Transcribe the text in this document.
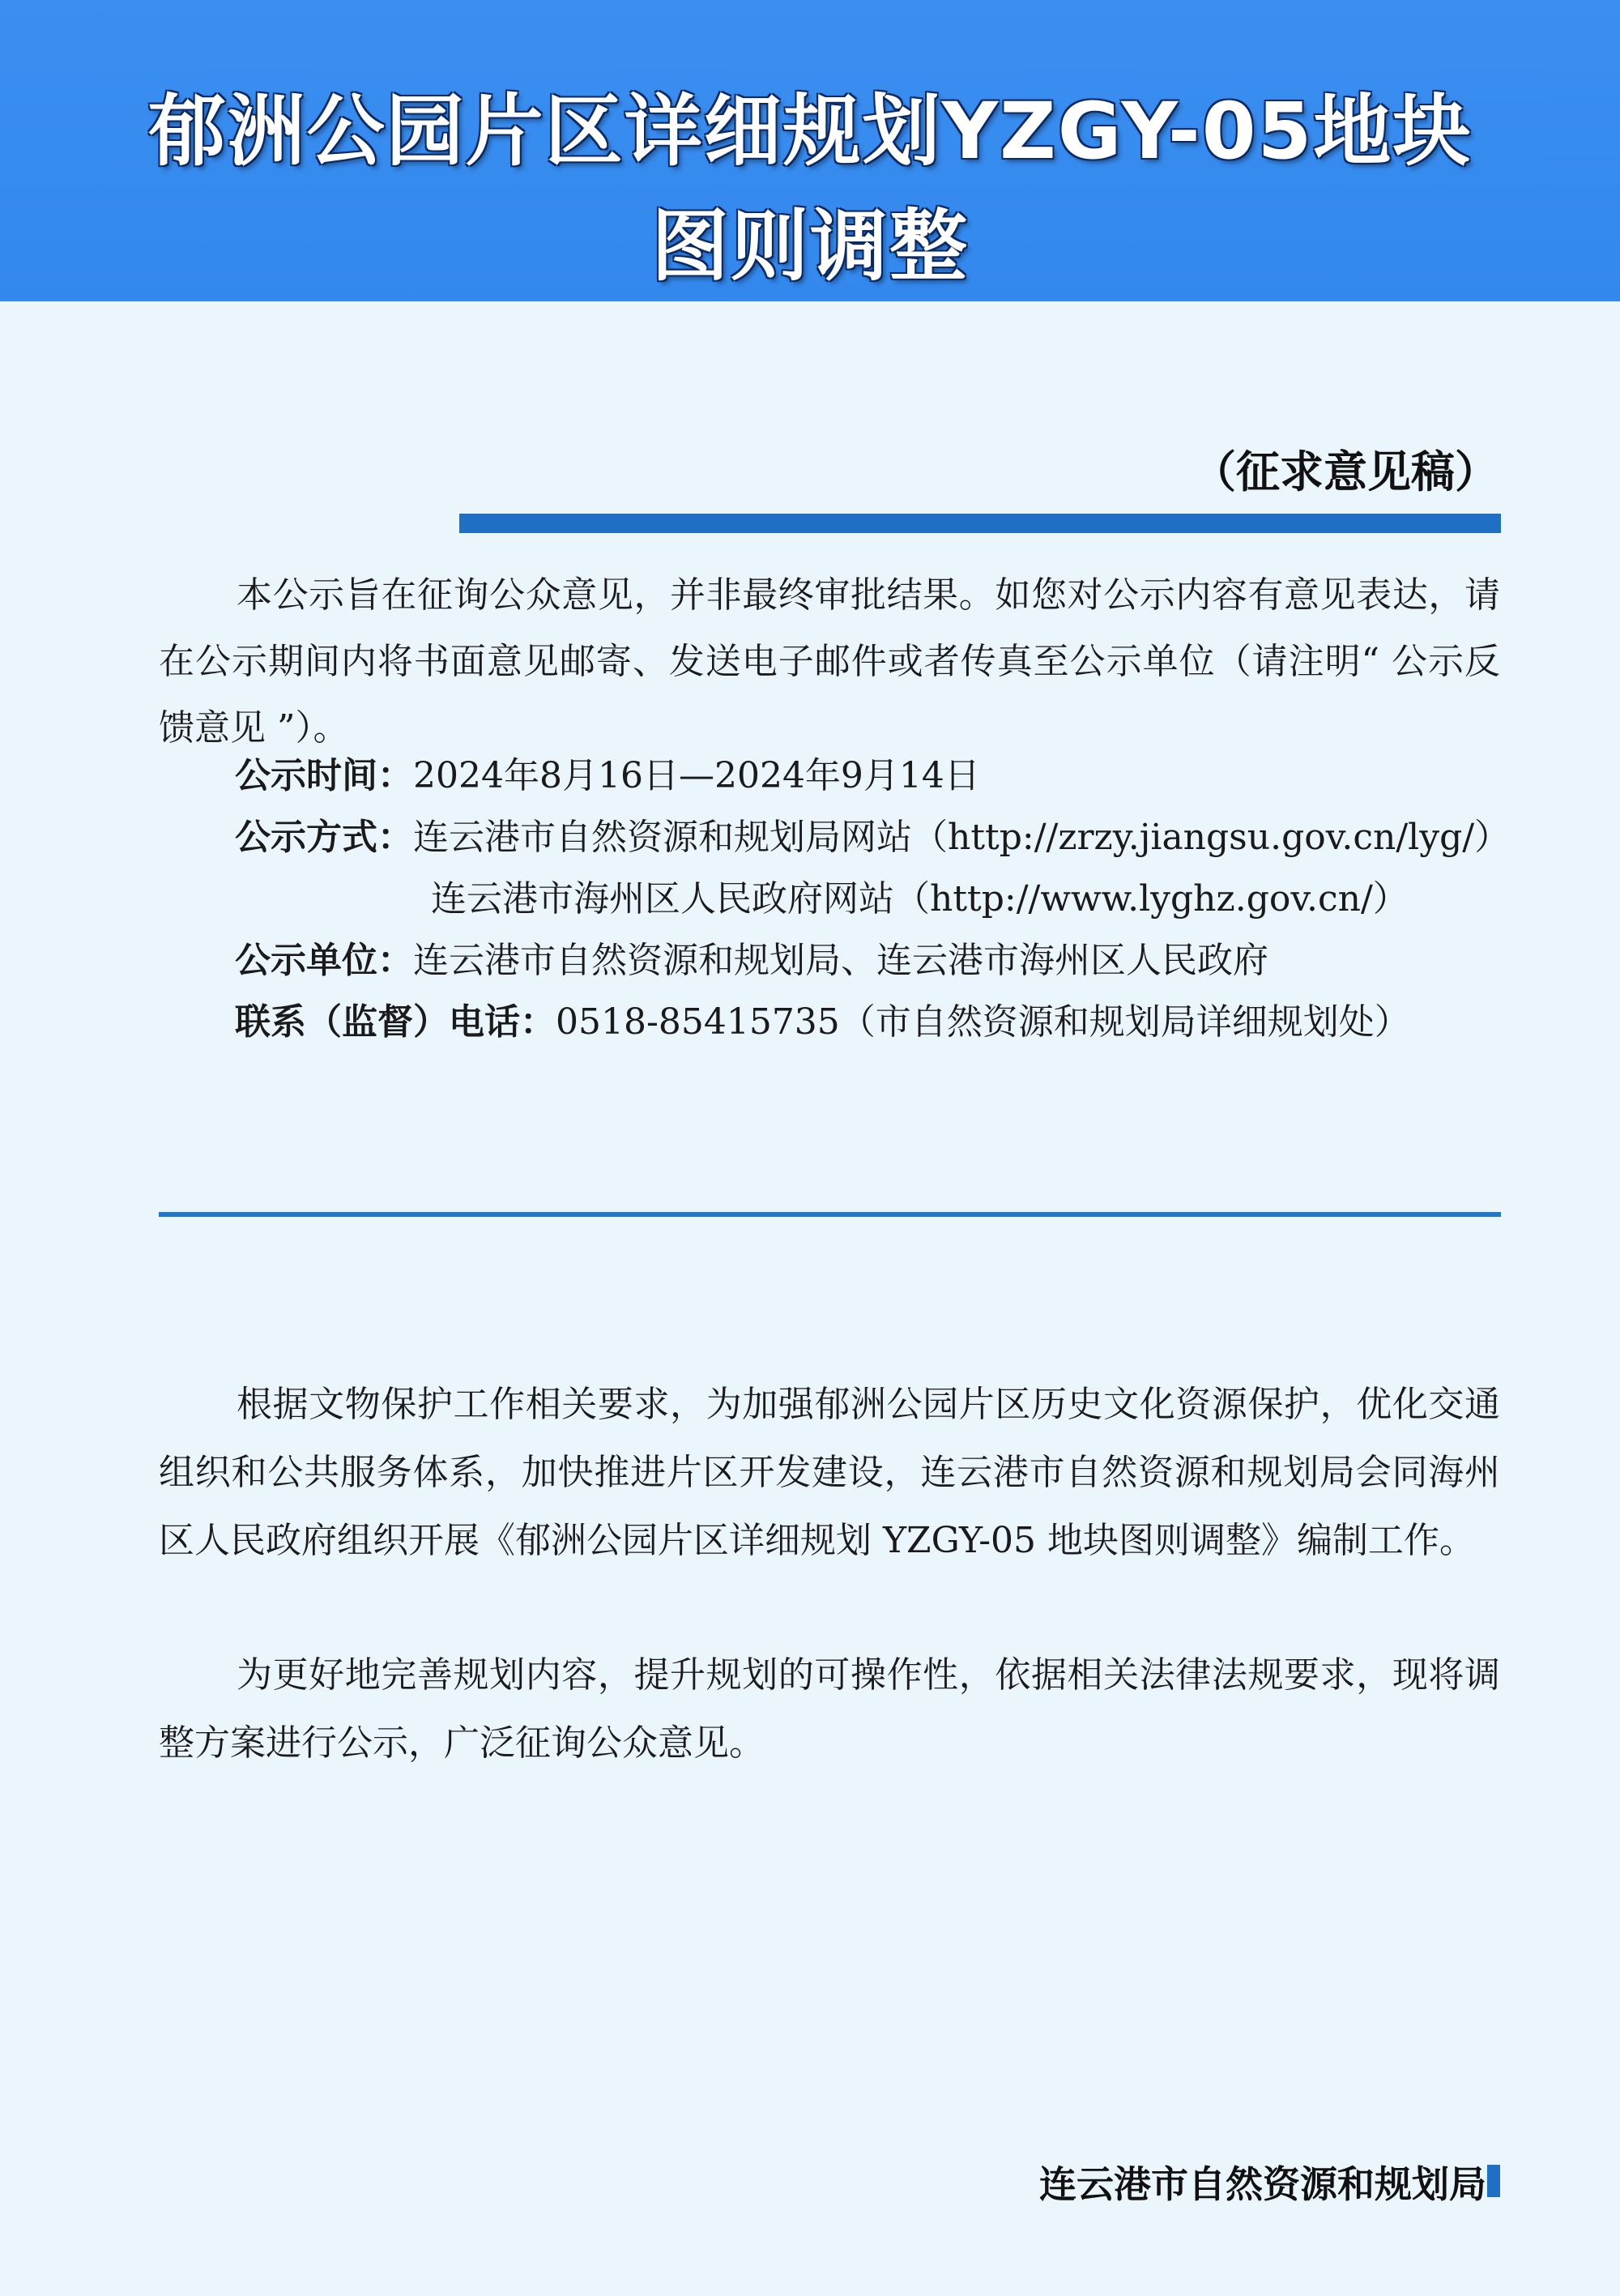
郁洲公园片区详细规划YZGY-05地块
图则调整
（征求意见稿）
本公示旨在征询公众意见，并非最终审批结果。如您对公示内容有意见表达，请在公示期间内将书面意见邮寄、发送电子邮件或者传真至公示单位（请注明“ 公示反馈意见 ”）。
公示时间：2024年8月16日—2024年9月14日
公示方式：连云港市自然资源和规划局网站（http://zrzy.jiangsu.gov.cn/lyg/）
连云港市海州区人民政府网站（http://www.lyghz.gov.cn/）
公示单位：连云港市自然资源和规划局、连云港市海州区人民政府
联系（监督）电话：0518-85415735（市自然资源和规划局详细规划处）
根据文物保护工作相关要求，为加强郁洲公园片区历史文化资源保护，优化交通组织和公共服务体系，加快推进片区开发建设，连云港市自然资源和规划局会同海州区人民政府组织开展《郁洲公园片区详细规划 YZGY-05 地块图则调整》编制工作。
为更好地完善规划内容，提升规划的可操作性，依据相关法律法规要求，现将调整方案进行公示，广泛征询公众意见。
连云港市自然资源和规划局
